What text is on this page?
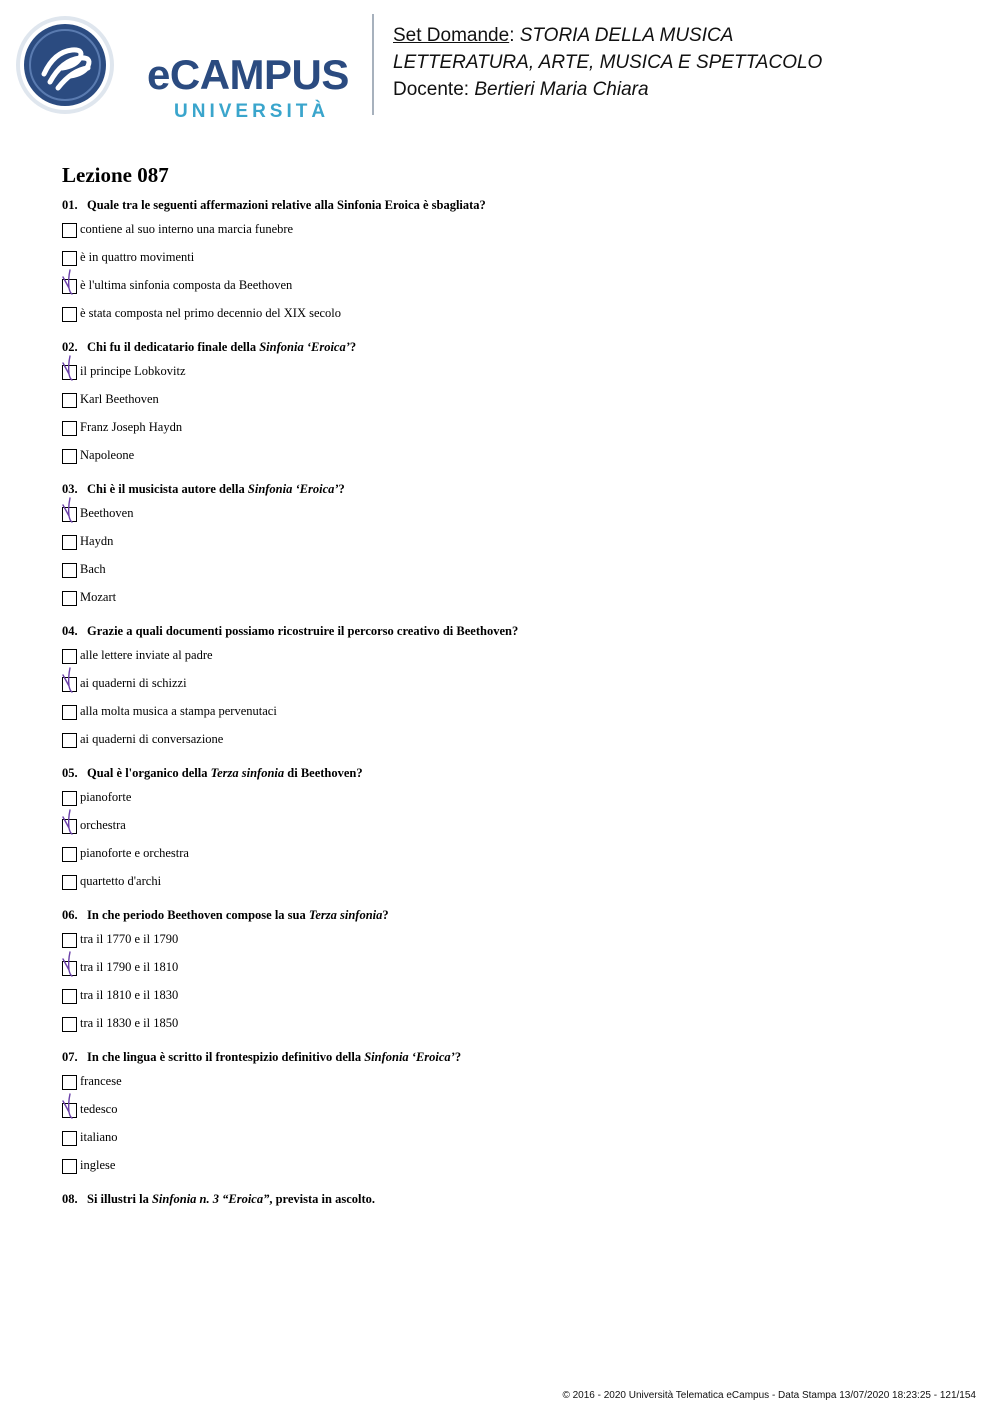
eCAMPUS
UNIVERSITÀ
Set Domande: STORIA DELLA MUSICA
LETTERATURA, ARTE, MUSICA E SPETTACOLO
Docente: Bertieri Maria Chiara
Lezione 087
01. Quale tra le seguenti affermazioni relative alla Sinfonia Eroica è sbagliata?
contiene al suo interno una marcia funebre
è in quattro movimenti
è l'ultima sinfonia composta da Beethoven
è stata composta nel primo decennio del XIX secolo
02. Chi fu il dedicatario finale della Sinfonia ‘Eroica’?
il principe Lobkovitz
Karl Beethoven
Franz Joseph Haydn
Napoleone
03. Chi è il musicista autore della Sinfonia ‘Eroica’?
Beethoven
Haydn
Bach
Mozart
04. Grazie a quali documenti possiamo ricostruire il percorso creativo di Beethoven?
alle lettere inviate al padre
ai quaderni di schizzi
alla molta musica a stampa pervenutaci
ai quaderni di conversazione
05. Qual è l'organico della Terza sinfonia di Beethoven?
pianoforte
orchestra
pianoforte e orchestra
quartetto d'archi
06. In che periodo Beethoven compose la sua Terza sinfonia?
tra il 1770 e il 1790
tra il 1790 e il 1810
tra il 1810 e il 1830
tra il 1830 e il 1850
07. In che lingua è scritto il frontespizio definitivo della Sinfonia ‘Eroica’?
francese
tedesco
italiano
inglese
08. Si illustri la Sinfonia n. 3 “Eroica”, prevista in ascolto.
© 2016 - 2020 Università Telematica eCampus - Data Stampa 13/07/2020 18:23:25 - 121/154
